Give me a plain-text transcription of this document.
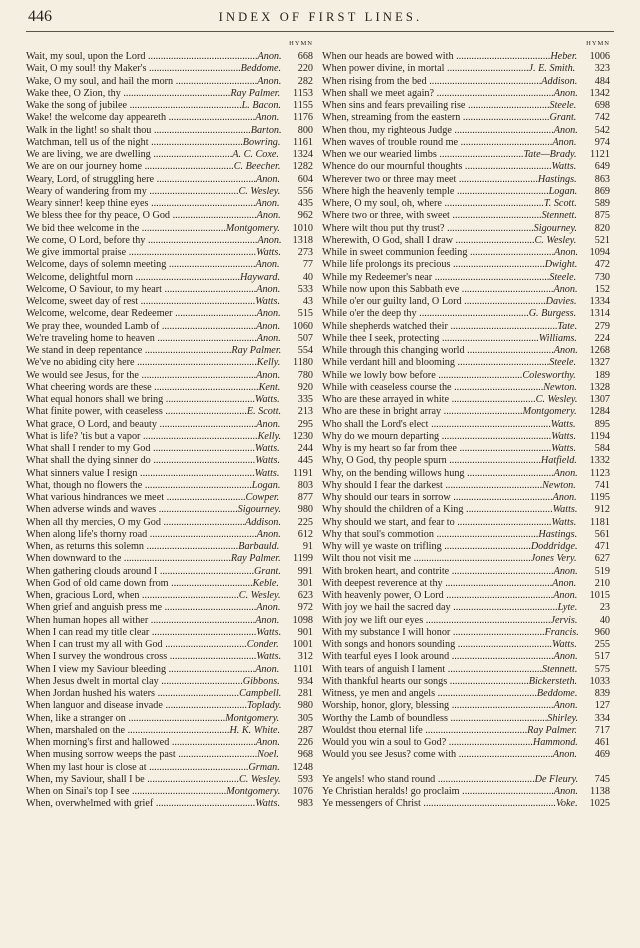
446	INDEX OF FIRST LINES.
HYMN
Wait, my soul, upon the Lord ...........................................Anon.	668
Wait, O my soul! thy Maker's ....................................Beddome.	220
Wake, O my soul, and hail the morn ................................Anon.	282
Wake thee, O Zion, thy ..........................................Ray Palmer.	1153
Wake the song of jubilee ............................................L. Bacon.	1155
Wake! the welcome day appeareth ..................................Anon.	1176
Walk in the light! so shalt thou ......................................Barton.	800
Watchman, tell us of the night ....................................Bowring.	1161
We are living, we are dwelling ...............................A. C. Coxe.	1324
We are on our journey home ...................................C. Beecher.	1282
Weary, Lord, of struggling here .......................................Anon.	604
Weary of wandering from my ...................................C. Wesley.	556
Weary sinner! keep thine eyes .........................................Anon.	435
We bless thee for thy peace, O God .................................Anon.	962
We bid thee welcome in the .................................Montgomery.	1010
We come, O Lord, before thy ...........................................Anon.	1318
We give immortal praise ..................................................Watts.	273
Welcome, days of solemn meeting ..................................Anon.	77
Welcome, delightful morn .........................................Hayward.	40
Welcome, O Saviour, to my heart ....................................Anon.	533
Welcome, sweet day of rest .............................................Watts.	43
Welcome, welcome, dear Redeemer ................................Anon.	515
We pray thee, wounded Lamb of .....................................Anon.	1060
We're traveling home to heaven .......................................Anon.	507
We stand in deep repentance ..................................Ray Palmer.	554
We've no abiding city here ...............................................Kelly.	1180
We would see Jesus, for the .............................................Anon.	780
What cheering words are these .........................................Kent.	920
What equal honors shall we bring ...................................Watts.	335
What finite power, with ceaseless ................................E. Scott.	213
What grace, O Lord, and beauty ......................................Anon.	295
What is life? 'tis but a vapor .............................................Kelly.	1230
What shall I render to my God ........................................Watts.	244
What shall the dying sinner do ........................................Watts.	445
What sinners value I resign .............................................Watts.	1191
What, though no flowers the ..........................................Logan.	803
What various hindrances we meet ...............................Cowper.	877
When adverse winds and waves ...............................Sigourney.	980
When all thy mercies, O my God ................................Addison.	225
When along life's thorny road ..........................................Anon.	612
When, as returns this solemn ....................................Barbauld.	91
When downward to the ..........................................Ray Palmer.	1199
When gathering clouds around I .....................................Grant.	991
When God of old came down from ................................Keble.	301
When, gracious Lord, when ......................................C. Wesley.	623
When grief and anguish press me ....................................Anon.	972
When human hopes all wither .........................................Anon.	1098
When I can read my title clear .........................................Watts.	901
When I can trust my all with God ................................Conder.	1001
When I survey the wondrous cross ..................................Watts.	312
When I view my Saviour bleeding ..................................Anon.	1101
When Jesus dwelt in mortal clay ................................Gibbons.	934
When Jordan hushed his waters ................................Campbell.	281
When languor and disease invade ................................Toplady.	980
When, like a stranger on ......................................Montgomery.	305
When, marshaled on the ........................................H. K. White.	287
When morning's first and hallowed .................................Anon.	226
When musing sorrow weeps the past ...............................Noel.	968
When my last hour is close at .......................................Grman.	1248
When, my Saviour, shall I be ....................................C. Wesley.	593
When on Sinai's top I see .....................................Montgomery.	1076
When, overwhelmed with grief .......................................Watts.	983
HYMN
When our heads are bowed with .....................................Heber.	1006
When power divine, in mortal ................................J. E. Smith.	323
When rising from the bed ............................................Addison.	484
When shall we meet again? ..............................................Anon.	1342
When sins and fears prevailing rise ................................Steele.	698
When, streaming from the eastern ..................................Grant.	742
When thou, my righteous Judge .......................................Anon.	542
When waves of trouble round me ....................................Anon.	974
When we our wearied limbs .................................Tate—Brady.	1121
Whence do our mournful thoughts ..................................Watts.	649
Wherever two or three may meet ...............................Hastings.	863
Where high the heavenly temple ....................................Logan.	869
Where, O my soul, oh, where .......................................T. Scott.	589
Where two or three, with sweet ...................................Stennett.	875
Where wilt thou put thy trust? ..................................Sigourney.	820
Wherewith, O God, shall I draw ...............................C. Wesley.	521
While in sweet communion feeding .................................Anon.	1094
While life prolongs its precious ....................................Dwight.	472
While my Redeemer's near .............................................Steele.	730
While now upon this Sabbath eve ....................................Anon.	152
While o'er our guilty land, O Lord ................................Davies.	1334
While o'er the deep thy ...........................................G. Burgess.	1314
While shepherds watched their ..........................................Tate.	279
While thee I seek, protecting ......................................Williams.	224
While through this changing world ..................................Anon.	1268
While verdant hill and blooming ....................................Steele.	1327
While we lowly bow before .................................Colesworthy.	189
While with ceaseless course the ...................................Newton.	1328
Who are these arrayed in white .................................C. Wesley.	1307
Who are these in bright array ...............................Montgomery.	1284
Who shall the Lord's elect ...............................................Watts.	895
Why do we mourn departing ...........................................Watts.	1194
Why is my heart so far from thee ....................................Watts.	584
Why, O God, thy people spurn ....................................Hatfield.	1332
Why, on the bending willows hung ..................................Anon.	1123
Why should I fear the darkest ......................................Newton.	741
Why should our tears in sorrow .......................................Anon.	1195
Why should the children of a King ..................................Watts.	912
Why should we start, and fear to .....................................Watts.	1181
Why that soul's commotion ........................................Hastings.	561
Why will ye waste on trifling ..................................Doddridge.	471
Wilt thou not visit me ..............................................Jones Very.	627
With broken heart, and contrite ........................................Anon.	519
With deepest reverence at thy ..........................................Anon.	210
With heavenly power, O Lord ..........................................Anon.	1015
With joy we hail the sacred day .........................................Lyte.	23
With joy we lift our eyes .................................................Jervis.	40
With my substance I will honor ....................................Francis.	960
With songs and honors sounding .....................................Watts.	255
With tearful eyes I look around ........................................Anon.	517
With tears of anguish I lament .....................................Stennett.	575
With thankful hearts our songs ...............................Bickersteth.	1033
Witness, ye men and angels .......................................Beddome.	839
Worship, honor, glory, blessing ........................................Anon.	127
Worthy the Lamb of boundless ......................................Shirley.	334
Wouldst thou eternal life ........................................Ray Palmer.	717
Would you win a soul to God? .................................Hammond.	461
Would you see Jesus? come with .....................................Anon.	469
Ye angels! who stand round ......................................De Fleury.	745
Ye Christian heralds! go proclaim ....................................Anon.	1138
Ye messengers of Christ ....................................................Voke.	1025
